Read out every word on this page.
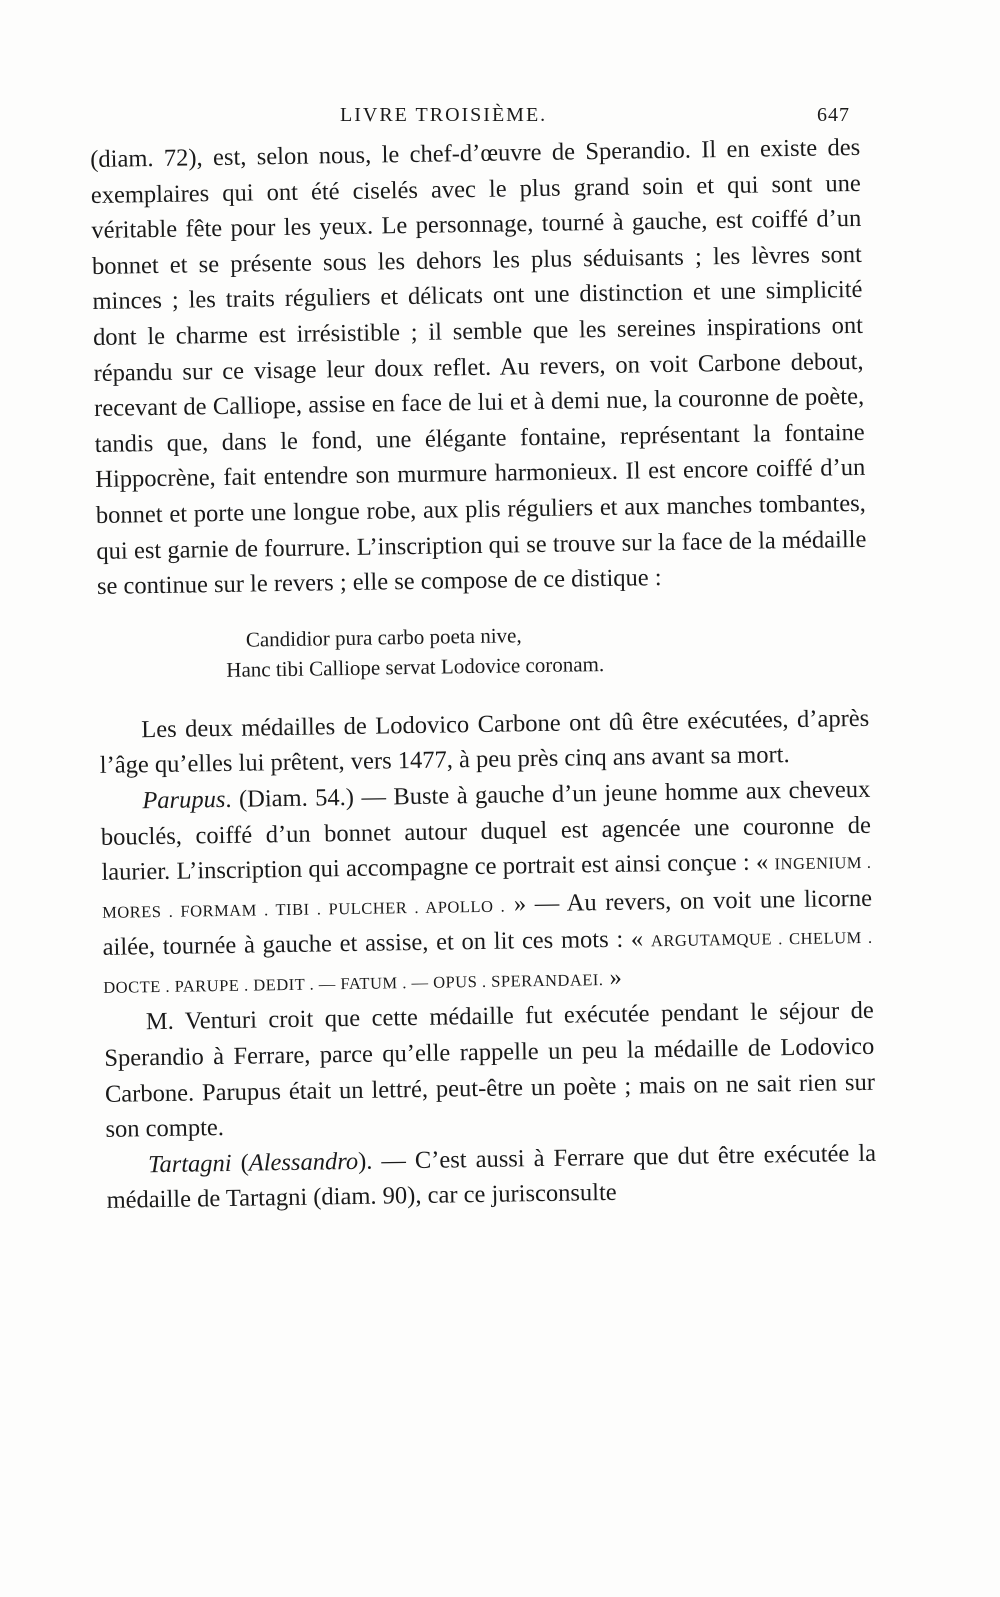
LIVRE TROISIÈME.	647

(diam. 72), est, selon nous, le chef-d’œuvre de Sperandio. Il en existe des exemplaires qui ont été ciselés avec le plus grand soin et qui sont une véritable fête pour les yeux. Le personnage, tourné à gauche, est coiffé d’un bonnet et se présente sous les dehors les plus séduisants ; les lèvres sont minces ; les traits réguliers et délicats ont une distinction et une simplicité dont le charme est irrésistible ; il semble que les sereines inspirations ont répandu sur ce visage leur doux reflet. Au revers, on voit Carbone debout, recevant de Calliope, assise en face de lui et à demi nue, la couronne de poète, tandis que, dans le fond, une élégante fontaine, représentant la fontaine Hippocrène, fait entendre son murmure harmonieux. Il est encore coiffé d’un bonnet et porte une longue robe, aux plis réguliers et aux manches tombantes, qui est garnie de fourrure. L’inscription qui se trouve sur la face de la médaille se continue sur le revers ; elle se compose de ce distique :

Candidior pura carbo poeta nive,
Hanc tibi Calliope servat Lodovice coronam.

Les deux médailles de Lodovico Carbone ont dû être exécutées, d’après l’âge qu’elles lui prêtent, vers 1477, à peu près cinq ans avant sa mort.

Parupus. (Diam. 54.) — Buste à gauche d’un jeune homme aux cheveux bouclés, coiffé d’un bonnet autour duquel est agencée une couronne de laurier. L’inscription qui accompagne ce portrait est ainsi conçue : « INGENIUM . MORES . FORMAM . TIBI . PULCHER . APOLLO . » — Au revers, on voit une licorne ailée, tournée à gauche et assise, et on lit ces mots : « ARGUTAMQUE . CHELUM . DOCTE . PARUPE . DEDIT . — FATUM . — OPUS . SPERANDAEI. »

M. Venturi croit que cette médaille fut exécutée pendant le séjour de Sperandio à Ferrare, parce qu’elle rappelle un peu la médaille de Lodovico Carbone. Parupus était un lettré, peut-être un poète ; mais on ne sait rien sur son compte.

Tartagni (Alessandro). — C’est aussi à Ferrare que dut être exécutée la médaille de Tartagni (diam. 90), car ce jurisconsulte
